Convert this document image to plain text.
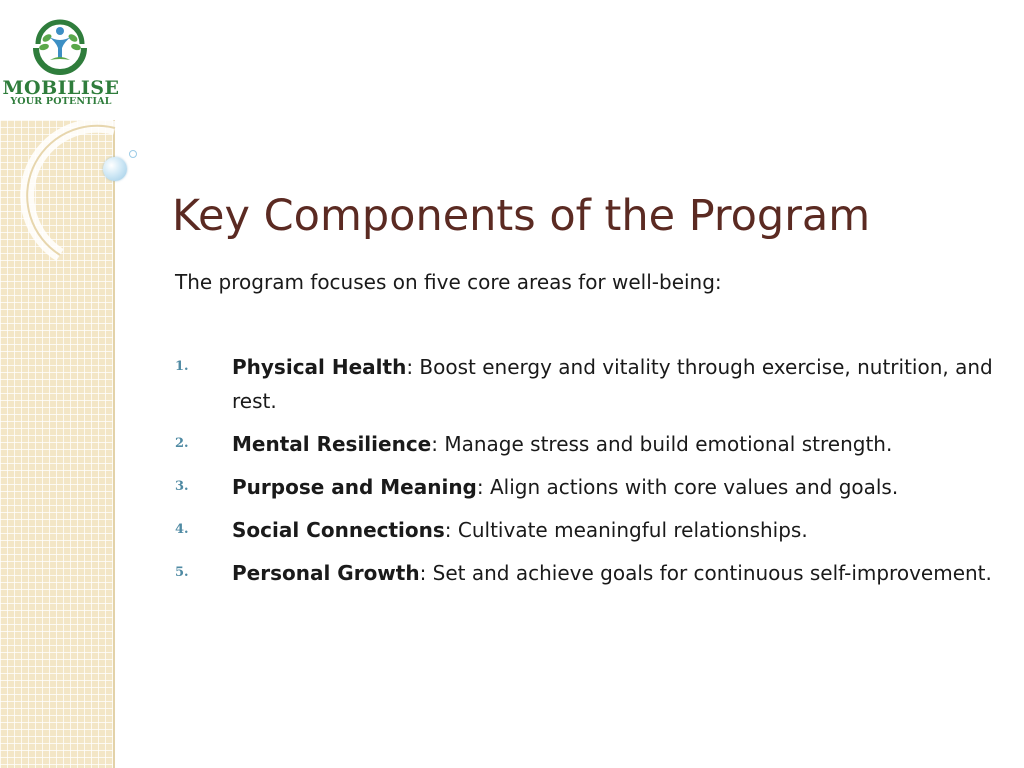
MOBILISE
YOUR POTENTIAL
Key Components of the Program

The program focuses on five core areas for well-being:

1.	Physical Health: Boost energy and vitality through exercise, nutrition, and rest.
2.	Mental Resilience: Manage stress and build emotional strength.
3.	Purpose and Meaning: Align actions with core values and goals.
4.	Social Connections: Cultivate meaningful relationships.
5.	Personal Growth: Set and achieve goals for continuous self-improvement.
